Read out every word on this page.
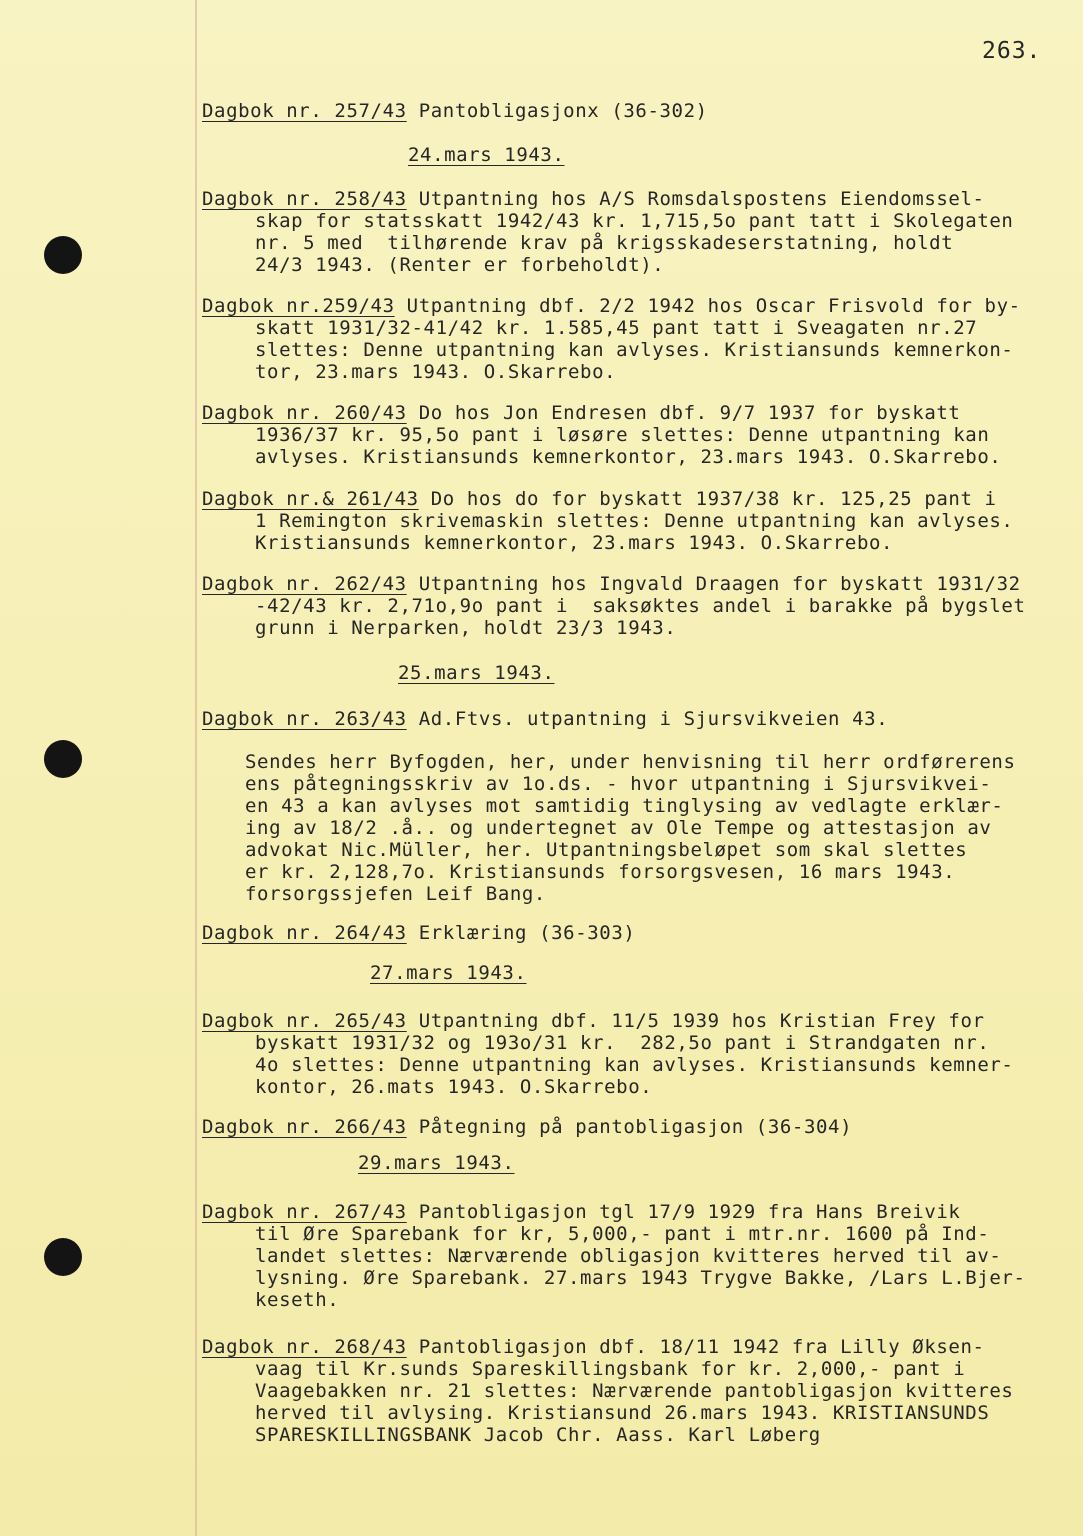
263.
24.mars 1943.
25.mars 1943.
27.mars 1943.
29.mars 1943.
Dagbok nr. 257/43 Pantobligasjonx (36-302)
Dagbok nr. 258/43 Utpantning hos A/S Romsdalspostens Eiendomssel-
skap for statsskatt 1942/43 kr. 1,715,5o pant tatt i Skolegaten
nr. 5 med  tilhørende krav på krigsskadeserstatning, holdt
24/3 1943. (Renter er forbeholdt).
Dagbok nr.259/43 Utpantning dbf. 2/2 1942 hos Oscar Frisvold for by-
skatt 1931/32-41/42 kr. 1.585,45 pant tatt i Sveagaten nr.27
slettes: Denne utpantning kan avlyses. Kristiansunds kemnerkon-
tor, 23.mars 1943. O.Skarrebo.
Dagbok nr. 260/43 Do hos Jon Endresen dbf. 9/7 1937 for byskatt
1936/37 kr. 95,5o pant i løsøre slettes: Denne utpantning kan
avlyses. Kristiansunds kemnerkontor, 23.mars 1943. O.Skarrebo.
Dagbok nr.& 261/43 Do hos do for byskatt 1937/38 kr. 125,25 pant i
1 Remington skrivemaskin slettes: Denne utpantning kan avlyses.
Kristiansunds kemnerkontor, 23.mars 1943. O.Skarrebo.
Dagbok nr. 262/43 Utpantning hos Ingvald Draagen for byskatt 1931/32
-42/43 kr. 2,71o,9o pant i  saksøktes andel i barakke på bygslet
grunn i Nerparken, holdt 23/3 1943.
Dagbok nr. 263/43 Ad.Ftvs. utpantning i Sjursvikveien 43.
Sendes herr Byfogden, her, under henvisning til herr ordførerens
ens påtegningsskriv av 1o.ds. - hvor utpantning i Sjursvikvei-
en 43 a kan avlyses mot samtidig tinglysing av vedlagte erklær-
ing av 18/2 .å.. og undertegnet av Ole Tempe og attestasjon av
advokat Nic.Müller, her. Utpantningsbeløpet som skal slettes
er kr. 2,128,7o. Kristiansunds forsorgsvesen, 16 mars 1943.
forsorgssjefen Leif Bang.
Dagbok nr. 264/43 Erklæring (36-303)
Dagbok nr. 265/43 Utpantning dbf. 11/5 1939 hos Kristian Frey for
byskatt 1931/32 og 193o/31 kr.  282,5o pant i Strandgaten nr.
4o slettes: Denne utpantning kan avlyses. Kristiansunds kemner-
kontor, 26.mats 1943. O.Skarrebo.
Dagbok nr. 266/43 Påtegning på pantobligasjon (36-304)
Dagbok nr. 267/43 Pantobligasjon tgl 17/9 1929 fra Hans Breivik
til Øre Sparebank for kr, 5,000,- pant i mtr.nr. 1600 på Ind-
landet slettes: Nærværende obligasjon kvitteres herved til av-
lysning. Øre Sparebank. 27.mars 1943 Trygve Bakke, /Lars L.Bjer-
keseth.
Dagbok nr. 268/43 Pantobligasjon dbf. 18/11 1942 fra Lilly Øksen-
vaag til Kr.sunds Spareskillingsbank for kr. 2,000,- pant i
Vaagebakken nr. 21 slettes: Nærværende pantobligasjon kvitteres
herved til avlysing. Kristiansund 26.mars 1943. KRISTIANSUNDS
SPARESKILLINGSBANK Jacob Chr. Aass. Karl Løberg
